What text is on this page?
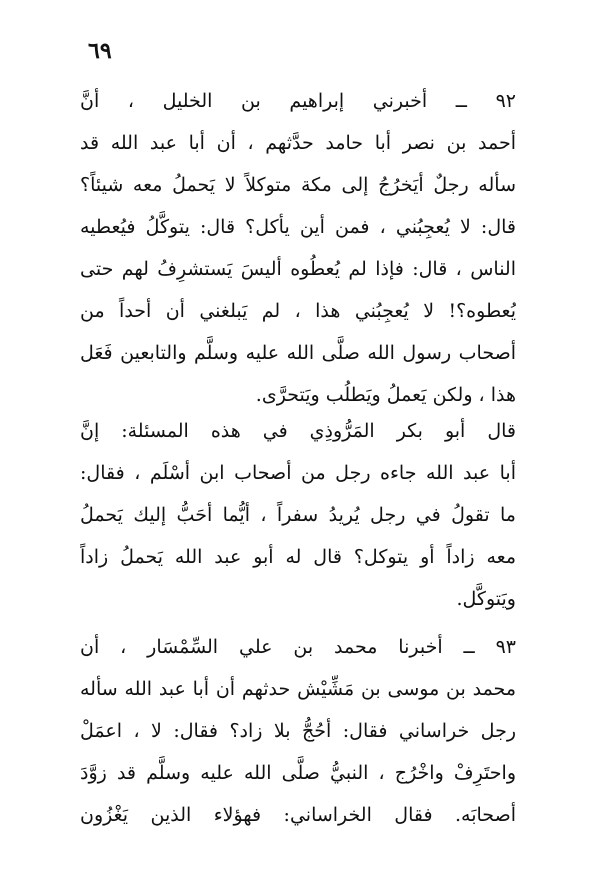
٦٩
٩٢ ــ أخبرني إبراهيم بن الخليل ، أنَّ
أحمد بن نصر أبا حامد حدَّثهم ، أن أبا عبد الله قد
سأله رجلٌ أيَخرُجُ إلى مكة متوكلاً لا يَحملُ معه شيئاً؟
قال: لا يُعجِبُني ، فمن أين يأكل؟ قال: يتوكَّلُ فيُعطيه
الناس ، قال: فإذا لم يُعطُوه أليسَ يَستشرِفُ لهم حتى
يُعطوه؟! لا يُعجِبُني هذا ، لم يَبلغني أن أحداً من
أصحاب رسول الله صلَّى الله عليه وسلَّم والتابعين فَعَل
هذا ، ولكن يَعملُ ويَطلُب ويَتحرَّى.
قال أبو بكر المَرُّوذِي في هذه المسئلة: إنَّ
أبا عبد الله جاءه رجل من أصحاب ابن أسْلَم ، فقال:
ما تقولُ في رجل يُريدُ سفراً ، أيُّما أحَبُّ إليك يَحملُ
معه زاداً أو يتوكل؟ قال له أبو عبد الله يَحملُ زاداً
ويَتوكَّل.
٩٣ ــ أخبرنا محمد بن علي السِّمْسَار ، أن
محمد بن موسى بن مَشِّيْش حدثهم أن أبا عبد الله سأله
رجل خراساني فقال: أحُجُّ بلا زاد؟ فقال: لا ، اعمَلْ
واحتَرِفْ واخْرُج ، النبيُّ صلَّى الله عليه وسلَّم قد زوَّدَ
أصحابَه. فقال الخراساني: فهؤلاء الذين يَغْزُون
